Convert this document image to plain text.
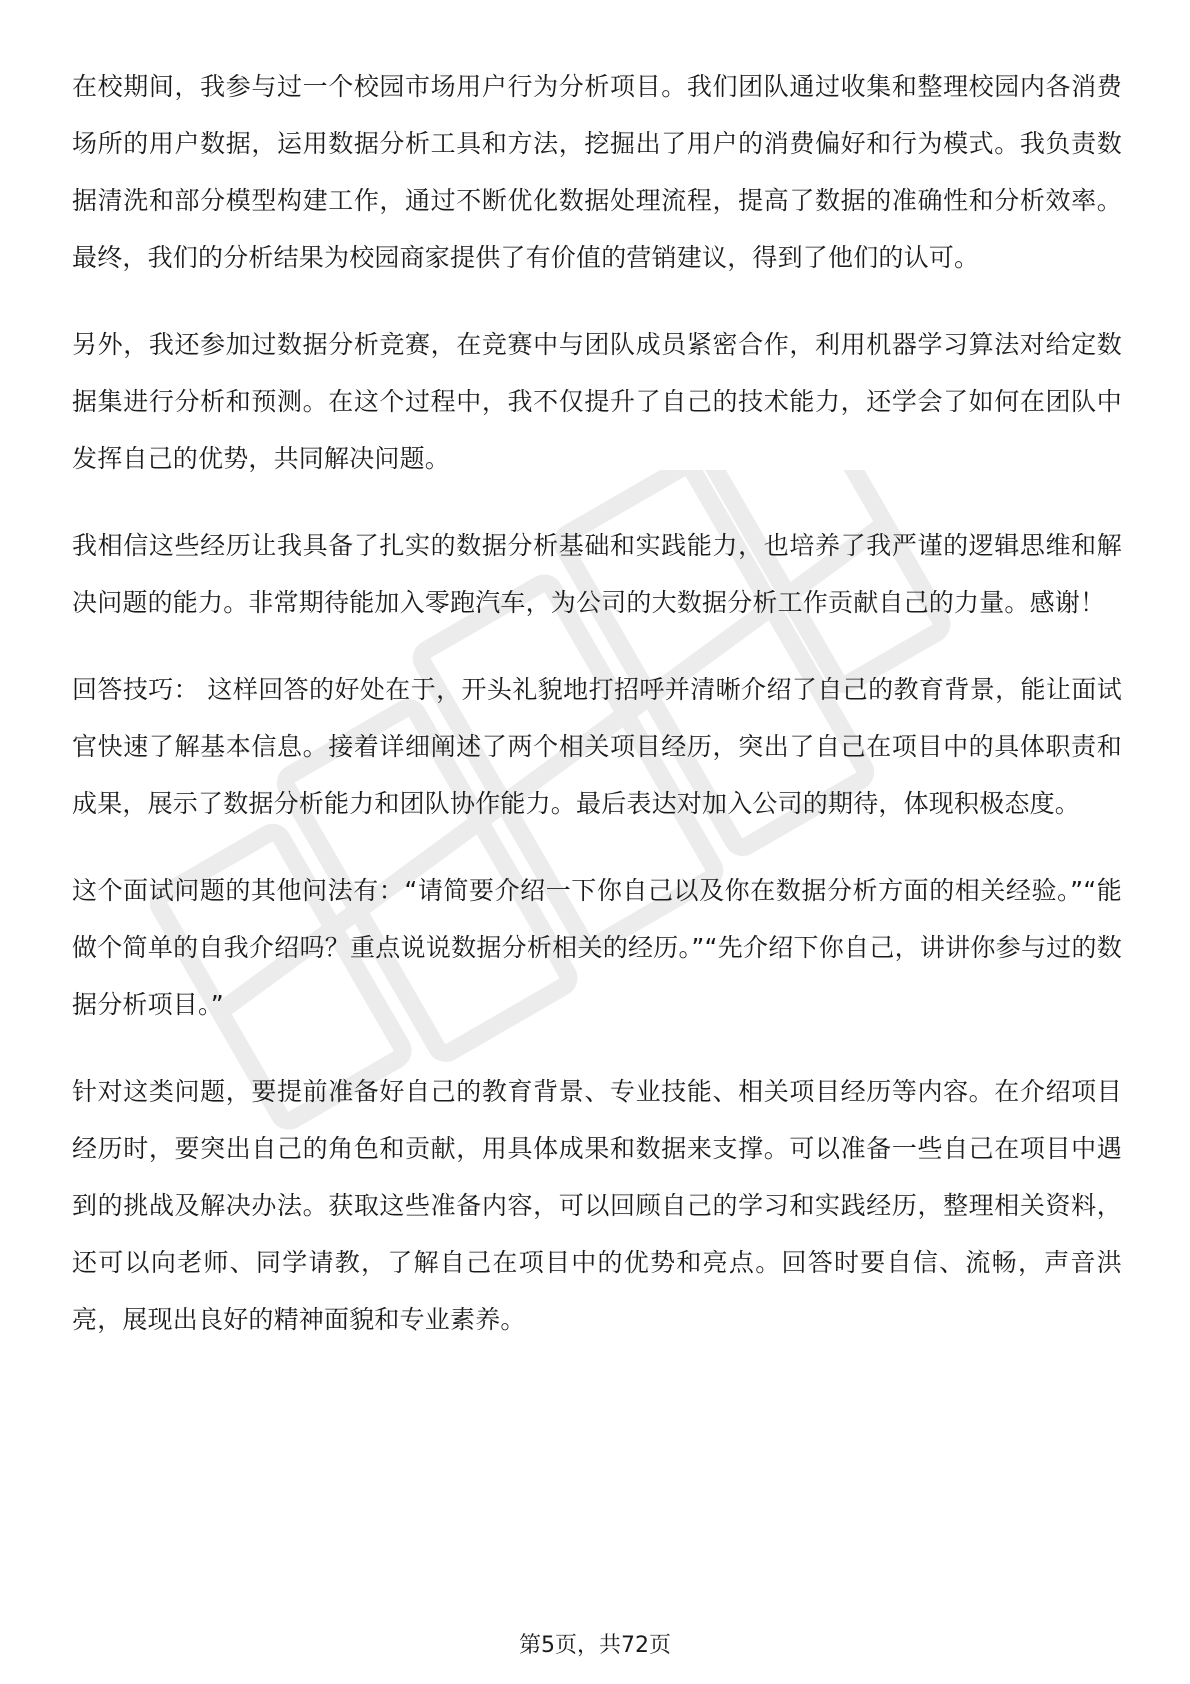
在校期间，我参与过一个校园市场用户行为分析项目。我们团队通过收集和整理校园内各消费场所的用户数据，运用数据分析工具和方法，挖掘出了用户的消费偏好和行为模式。我负责数据清洗和部分模型构建工作，通过不断优化数据处理流程，提高了数据的准确性和分析效率。最终，我们的分析结果为校园商家提供了有价值的营销建议，得到了他们的认可。

另外，我还参加过数据分析竞赛，在竞赛中与团队成员紧密合作，利用机器学习算法对给定数据集进行分析和预测。在这个过程中，我不仅提升了自己的技术能力，还学会了如何在团队中发挥自己的优势，共同解决问题。

我相信这些经历让我具备了扎实的数据分析基础和实践能力，也培养了我严谨的逻辑思维和解决问题的能力。非常期待能加入零跑汽车，为公司的大数据分析工作贡献自己的力量。感谢！

回答技巧： 这样回答的好处在于，开头礼貌地打招呼并清晰介绍了自己的教育背景，能让面试官快速了解基本信息。接着详细阐述了两个相关项目经历，突出了自己在项目中的具体职责和成果，展示了数据分析能力和团队协作能力。最后表达对加入公司的期待，体现积极态度。

这个面试问题的其他问法有：“请简要介绍一下你自己以及你在数据分析方面的相关经验。”“能做个简单的自我介绍吗？重点说说数据分析相关的经历。”“先介绍下你自己，讲讲你参与过的数据分析项目。”

针对这类问题，要提前准备好自己的教育背景、专业技能、相关项目经历等内容。在介绍项目经历时，要突出自己的角色和贡献，用具体成果和数据来支撑。可以准备一些自己在项目中遇到的挑战及解决办法。获取这些准备内容，可以回顾自己的学习和实践经历，整理相关资料，还可以向老师、同学请教，了解自己在项目中的优势和亮点。回答时要自信、流畅，声音洪亮，展现出良好的精神面貌和专业素养。

第5页，共72页
